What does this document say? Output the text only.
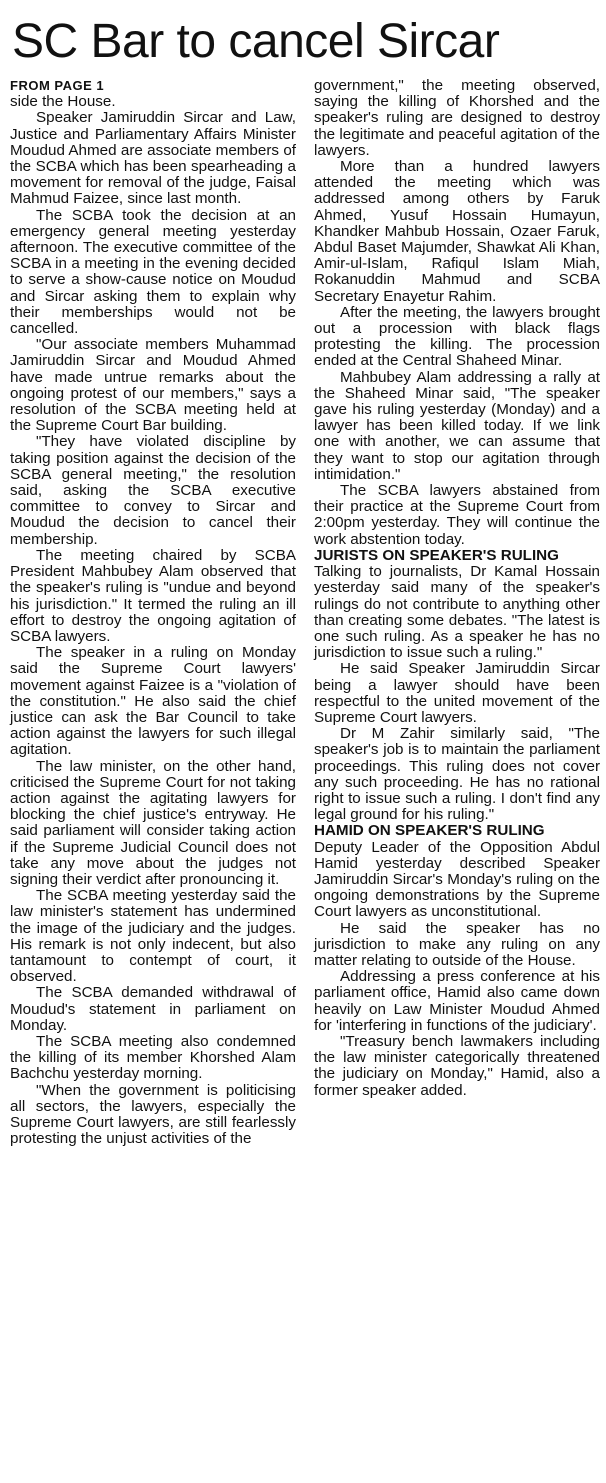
SC Bar to cancel Sircar

FROM PAGE 1

side the House.

Speaker Jamiruddin Sircar and Law, Justice and Parliamentary Affairs Minister Moudud Ahmed are associate members of the SCBA which has been spearheading a movement for removal of the judge, Faisal Mahmud Faizee, since last month.

The SCBA took the decision at an emergency general meeting yesterday afternoon. The executive committee of the SCBA in a meeting in the evening decided to serve a show-cause notice on Moudud and Sircar asking them to explain why their memberships would not be cancelled.

"Our associate members Muhammad Jamiruddin Sircar and Moudud Ahmed have made untrue remarks about the ongoing protest of our members," says a resolution of the SCBA meeting held at the Supreme Court Bar building.

"They have violated discipline by taking position against the decision of the SCBA general meeting," the resolution said, asking the SCBA executive committee to convey to Sircar and Moudud the decision to cancel their membership.

The meeting chaired by SCBA President Mahbubey Alam observed that the speaker's ruling is "undue and beyond his jurisdiction." It termed the ruling an ill effort to destroy the ongoing agitation of SCBA lawyers.

The speaker in a ruling on Monday said the Supreme Court lawyers' movement against Faizee is a "violation of the constitution." He also said the chief justice can ask the Bar Council to take action against the lawyers for such illegal agitation.

The law minister, on the other hand, criticised the Supreme Court for not taking action against the agitating lawyers for blocking the chief justice's entryway. He said parliament will consider taking action if the Supreme Judicial Council does not take any move about the judges not signing their verdict after pronouncing it.

The SCBA meeting yesterday said the law minister's statement has undermined the image of the judiciary and the judges. His remark is not only indecent, but also tantamount to contempt of court, it observed.

The SCBA demanded withdrawal of Moudud's statement in parliament on Monday.

The SCBA meeting also condemned the killing of its member Khorshed Alam Bachchu yesterday morning.

"When the government is politicising all sectors, the lawyers, especially the Supreme Court lawyers, are still fearlessly protesting the unjust activities of the

government," the meeting observed, saying the killing of Khorshed and the speaker's ruling are designed to destroy the legitimate and peaceful agitation of the lawyers.

More than a hundred lawyers attended the meeting which was addressed among others by Faruk Ahmed, Yusuf Hossain Humayun, Khandker Mahbub Hossain, Ozaer Faruk, Abdul Baset Majumder, Shawkat Ali Khan, Amir-ul-Islam, Rafiqul Islam Miah, Rokanuddin Mahmud and SCBA Secretary Enayetur Rahim.

After the meeting, the lawyers brought out a procession with black flags protesting the killing. The procession ended at the Central Shaheed Minar.

Mahbubey Alam addressing a rally at the Shaheed Minar said, "The speaker gave his ruling yesterday (Monday) and a lawyer has been killed today. If we link one with another, we can assume that they want to stop our agitation through intimidation."

The SCBA lawyers abstained from their practice at the Supreme Court from 2:00pm yesterday. They will continue the work abstention today.

JURISTS ON SPEAKER'S RULING

Talking to journalists, Dr Kamal Hossain yesterday said many of the speaker's rulings do not contribute to anything other than creating some debates. "The latest is one such ruling. As a speaker he has no jurisdiction to issue such a ruling."

He said Speaker Jamiruddin Sircar being a lawyer should have been respectful to the united movement of the Supreme Court lawyers.

Dr M Zahir similarly said, "The speaker's job is to maintain the parliament proceedings. This ruling does not cover any such proceeding. He has no rational right to issue such a ruling. I don't find any legal ground for his ruling."

HAMID ON SPEAKER'S RULING

Deputy Leader of the Opposition Abdul Hamid yesterday described Speaker Jamiruddin Sircar's Monday's ruling on the ongoing demonstrations by the Supreme Court lawyers as unconstitutional.

He said the speaker has no jurisdiction to make any ruling on any matter relating to outside of the House.

Addressing a press conference at his parliament office, Hamid also came down heavily on Law Minister Moudud Ahmed for 'interfering in functions of the judiciary'.

"Treasury bench lawmakers including the law minister categorically threatened the judiciary on Monday," Hamid, also a former speaker added.
